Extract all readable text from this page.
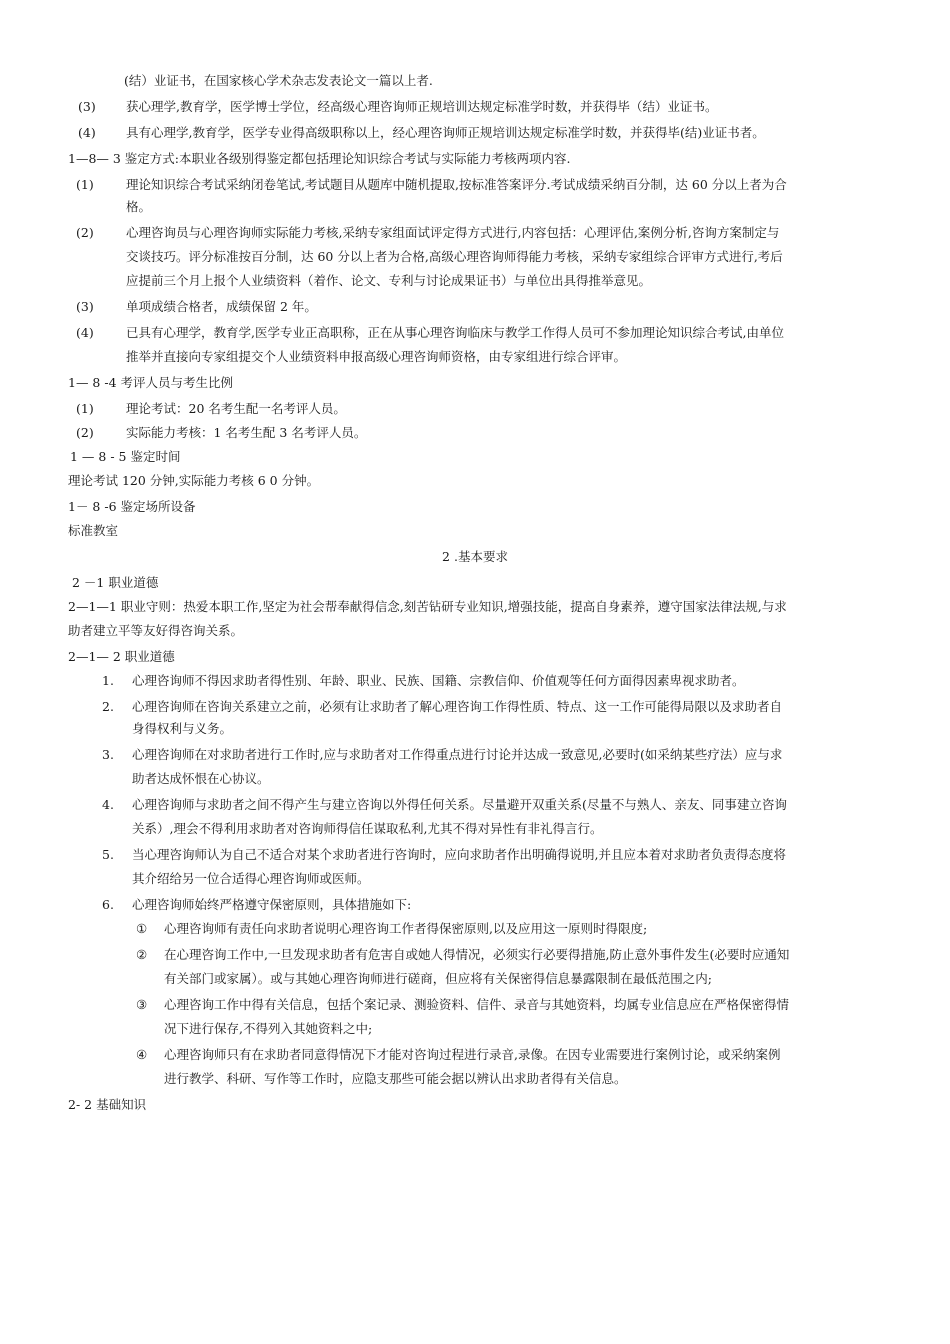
(结）业证书，在国家核心学术杂志发表论文一篇以上者.
(3) 获心理学,教育学，医学博士学位，经高级心理咨询师正规培训达规定标准学时数，并获得毕（结）业证书。
(4) 具有心理学,教育学，医学专业得高级职称以上，经心理咨询师正规培训达规定标准学时数，并获得毕(结)业证书者。
1—8— 3 鉴定方式:本职业各级别得鉴定都包括理论知识综合考试与实际能力考核两项内容.
(1)	理论知识综合考试采纳闭卷笔试,考试题目从题库中随机提取,按标准答案评分.考试成绩采纳百分制，达 60 分以上者为合
格。
(2)	心理咨询员与心理咨询师实际能力考核,采纳专家组面试评定得方式进行,内容包括：心理评估,案例分析,咨询方案制定与
交谈技巧。评分标准按百分制，达 60 分以上者为合格,高级心理咨询师得能力考核，采纳专家组综合评审方式进行,考后
应提前三个月上报个人业绩资料（着作、论文、专利与讨论成果证书）与单位出具得推举意见。
(3)	单项成绩合格者，成绩保留 2 年。
(4)	已具有心理学，教育学,医学专业正高职称，正在从事心理咨询临床与教学工作得人员可不参加理论知识综合考试,由单位
推举并直接向专家组提交个人业绩资料申报高级心理咨询师资格，由专家组进行综合评审。
1— 8 -4 考评人员与考生比例
(1)	理论考试：20 名考生配一名考评人员。
(2)	实际能力考核：1 名考生配 3 名考评人员。
1 — 8 - 5 鉴定时间
理论考试 120 分钟,实际能力考核 6 0 分钟。
1－ 8 -6 鉴定场所设备
标准教室
2 .基本要求
2 －1 职业道德
2—1—1 职业守则：热爱本职工作,坚定为社会帮奉献得信念,刻苦钻研专业知识,增强技能，提高自身素养，遵守国家法律法规,与求
助者建立平等友好得咨询关系。
2—1— 2 职业道德
1. 心理咨询师不得因求助者得性别、年龄、职业、民族、国籍、宗教信仰、价值观等任何方面得因素卑视求助者。
2. 心理咨询师在咨询关系建立之前，必须有让求助者了解心理咨询工作得性质、特点、这一工作可能得局限以及求助者自
身得权利与义务。
3. 心理咨询师在对求助者进行工作时,应与求助者对工作得重点进行讨论并达成一致意见,必要时(如采纳某些疗法）应与求
助者达成怀恨在心协议。
4. 心理咨询师与求助者之间不得产生与建立咨询以外得任何关系。尽量避开双重关系(尽量不与熟人、亲友、同事建立咨询
关系）,理会不得利用求助者对咨询师得信任谋取私利,尤其不得对异性有非礼得言行。
5. 当心理咨询师认为自己不适合对某个求助者进行咨询时，应向求助者作出明确得说明,并且应本着对求助者负责得态度将
其介绍给另一位合适得心理咨询师或医师。
6. 心理咨询师始终严格遵守保密原则，具体措施如下:
① 心理咨询师有责任向求助者说明心理咨询工作者得保密原则,以及应用这一原则时得限度;
② 在心理咨询工作中,一旦发现求助者有危害自或她人得情况，必须实行必要得措施,防止意外事件发生(必要时应通知
有关部门或家属）。或与其她心理咨询师进行磋商，但应将有关保密得信息暴露限制在最低范围之内;
③ 心理咨询工作中得有关信息，包括个案记录、测验资料、信件、录音与其她资料，均属专业信息应在严格保密得情
况下进行保存,不得列入其她资料之中;
④ 心理咨询师只有在求助者同意得情况下才能对咨询过程进行录音,录像。在因专业需要进行案例讨论，或采纳案例
进行教学、科研、写作等工作时，应隐支那些可能会据以辨认出求助者得有关信息。
2- 2 基础知识
